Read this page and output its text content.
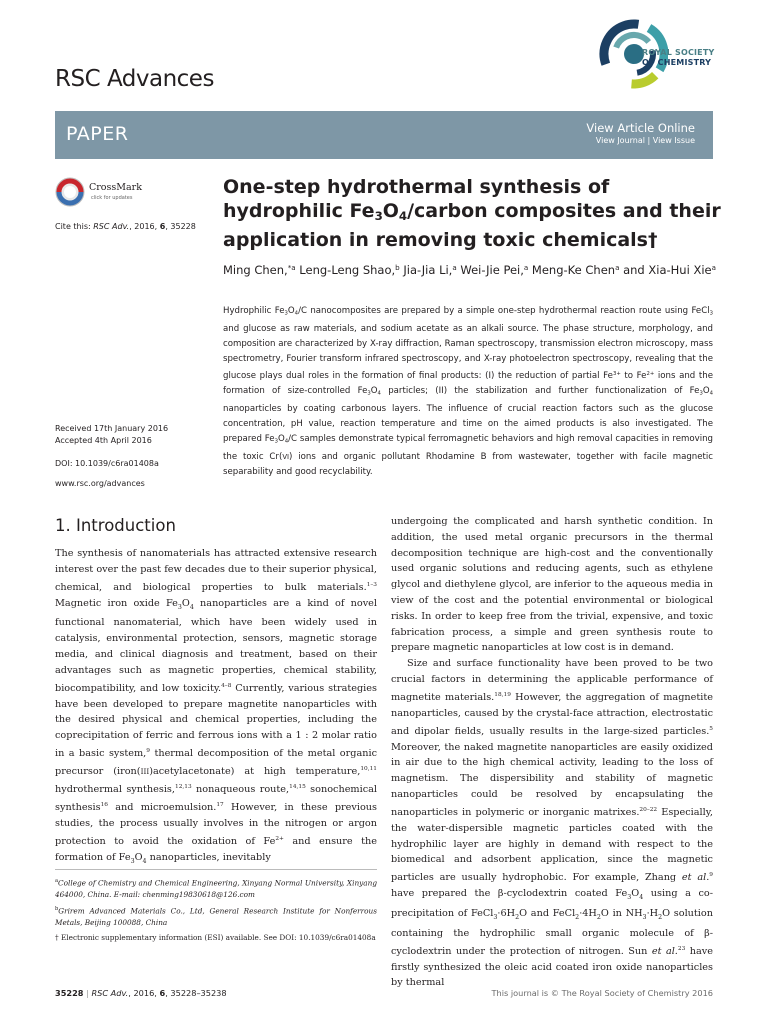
ROYAL SOCIETY
OF CHEMISTRY
RSC Advances
PAPER	View Article Online
View Journal | View Issue
CrossMark
click for updates
Cite this: RSC Adv., 2016, 6, 35228
One-step hydrothermal synthesis of hydrophilic $Fe_3O_4$/carbon composites and their application in removing toxic chemicals†
Ming Chen,$^{*a}$ Leng-Leng Shao,$^b$ Jia-Jia Li,$^a$ Wei-Jie Pei,$^a$ Meng-Ke Chen$^a$ and Xia-Hui Xie$^a$
Hydrophilic $Fe_3O_4/C$ nanocomposites are prepared by a simple one-step hydrothermal reaction route using FeCl$_3$ and glucose as raw materials, and sodium acetate as an alkali source. The phase structure, morphology, and composition are characterized by X-ray diffraction, Raman spectroscopy, transmission electron microscopy, mass spectrometry, Fourier transform infrared spectroscopy, and X-ray photoelectron spectroscopy, revealing that the glucose plays dual roles in the formation of final products: (I) the reduction of partial $Fe^{3+}$ to $Fe^{2+}$ ions and the formation of size-controlled $Fe_3O_4$ particles; (II) the stabilization and further functionalization of $Fe_3O_4$ nanoparticles by coating carbonous layers. The influence of crucial reaction factors such as the glucose concentration, pH value, reaction temperature and time on the aimed products is also investigated. The prepared $Fe_3O_4/C$ samples demonstrate typical ferromagnetic behaviors and high removal capacities in removing the toxic Cr(VI) ions and organic pollutant Rhodamine B from wastewater, together with facile magnetic separability and good recyclability.
Received 17th January 2016
Accepted 4th April 2016
DOI: 10.1039/c6ra01408a
www.rsc.org/advances
1. Introduction

The synthesis of nanomaterials has attracted extensive research interest over the past few decades due to their superior physical, chemical, and biological properties to bulk materials.$^{1-3}$ Magnetic iron oxide $Fe_3O_4$ nanoparticles are a kind of novel functional nanomaterial, which have been widely used in catalysis, environmental protection, sensors, magnetic storage media, and clinical diagnosis and treatment, based on their advantages such as magnetic properties, chemical stability, biocompatibility, and low toxicity.$^{4-8}$ Currently, various strategies have been developed to prepare magnetite nanoparticles with the desired physical and chemical properties, including the coprecipitation of ferric and ferrous ions with a 1 : 2 molar ratio in a basic system,$^9$ thermal decomposition of the metal organic precursor (iron(III)acetylacetonate) at high temperature,$^{10,11}$ hydrothermal synthesis,$^{12,13}$ nonaqueous route,$^{14,15}$ sonochemical synthesis$^{16}$ and microemulsion.$^{17}$ However, in these previous studies, the process usually involves in the nitrogen or argon protection to avoid the oxidation of $Fe^{2+}$ and ensure the formation of $Fe_3O_4$ nanoparticles, inevitably

$^a$College of Chemistry and Chemical Engineering, Xinyang Normal University, Xinyang 464000, China. E-mail: chenming19830618@126.com

$^b$Grirem Advanced Materials Co., Ltd, General Research Institute for Nonferrous Metals, Beijing 100088, China

† Electronic supplementary information (ESI) available. See DOI: 10.1039/c6ra01408a

undergoing the complicated and harsh synthetic condition. In addition, the used metal organic precursors in the thermal decomposition technique are high-cost and the conventionally used organic solutions and reducing agents, such as ethylene glycol and diethylene glycol, are inferior to the aqueous media in view of the cost and the potential environmental or biological risks. In order to keep free from the trivial, expensive, and toxic fabrication process, a simple and green synthesis route to prepare magnetic nanoparticles at low cost is in demand.

Size and surface functionality have been proved to be two crucial factors in determining the applicable performance of magnetite materials.$^{18,19}$ However, the aggregation of magnetite nanoparticles, caused by the crystal-face attraction, electrostatic and dipolar fields, usually results in the large-sized particles.$^5$ Moreover, the naked magnetite nanoparticles are easily oxidized in air due to the high chemical activity, leading to the loss of magnetism. The dispersibility and stability of magnetic nanoparticles could be resolved by encapsulating the nanoparticles in polymeric or inorganic matrixes.$^{20-22}$ Especially, the water-dispersible magnetic particles coated with the hydrophilic layer are highly in demand with respect to the biomedical and adsorbent application, since the magnetic particles are usually hydrophobic. For example, Zhang et al.$^9$ have prepared the β-cyclodextrin coated $Fe_3O_4$ using a co-precipitation of $FeCl_3\cdot 6H_2O$ and $FeCl_2\cdot 4H_2O$ in $NH_3\cdot H_2O$ solution containing the hydrophilic small organic molecule of β-cyclodextrin under the protection of nitrogen. Sun et al.$^{23}$ have firstly synthesized the oleic acid coated iron oxide nanoparticles by thermal

35228 | RSC Adv., 2016, 6, 35228–35238	This journal is © The Royal Society of Chemistry 2016
